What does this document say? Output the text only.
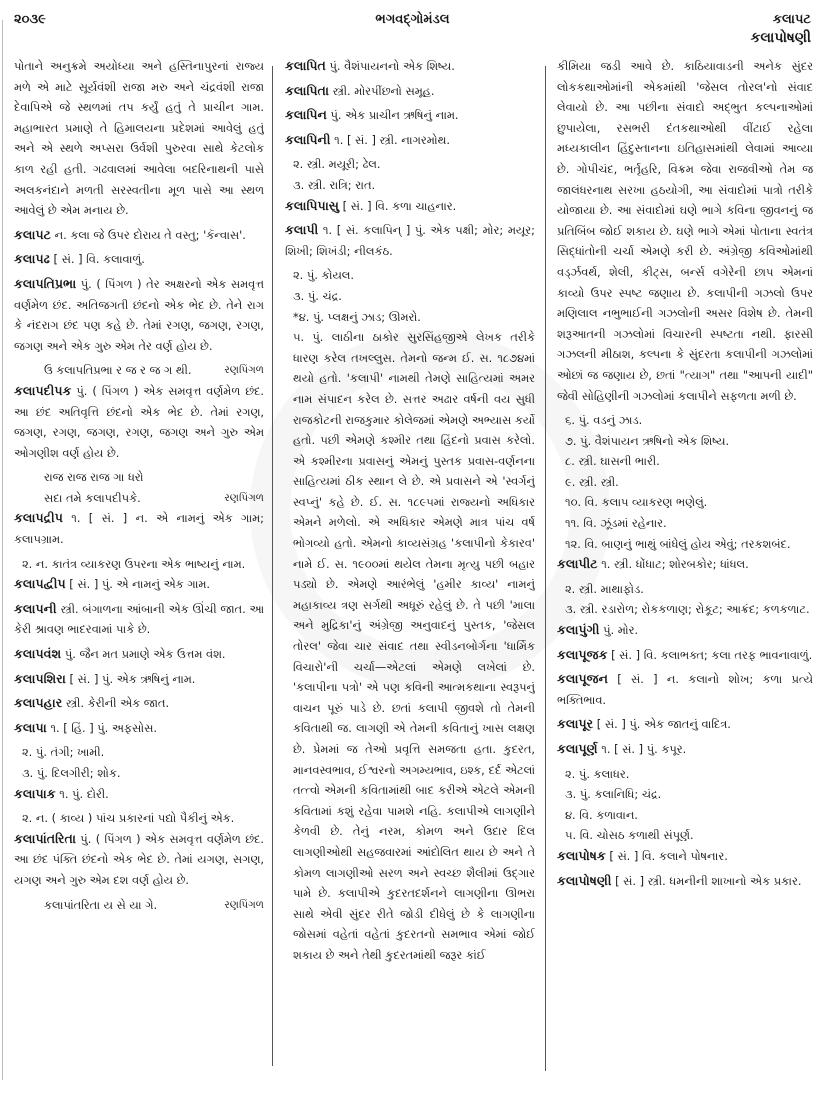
૨૦૩૯	ભગવદ્ગોમંડલ	કલાપટ
કલાપોષણી
પોતાને અનુક્રમે અયોધ્યા અને હસ્તિનાપુરનાં રાજ્ય મળે એ માટે સૂર્યવંશી રાજા મરુ અને ચંદ્રવંશી રાજા દેવાપિએ જે સ્થળમાં તપ કર્યું હતું તે પ્રાચીન ગામ. મહાભારત પ્રમાણે તે હિમાલયના પ્રદેશમાં આવેલું હતું અને એ સ્થળે અપ્સરા ઉર્વશી પુરુરવા સાથે કેટલોક કાળ રહી હતી. ગઢવાલમાં આવેલા બદરિનાથની પાસે અલકનંદાને મળતી સરસ્વતીના મૂળ પાસે આ સ્થળ આવેલું છે એમ મનાય છે.
કલાપટ ન. કલા જે ઉપર દોરાય તે વસ્તુ; 'કૅન્વાસ'.
કલાપઢ [ સં. ] વિ. કલાવાળું.
કલાપતિપ્રભા પું. ( પિંગળ ) તેર અક્ષરનો એક સમવૃત્ત વર્ણમેળ છંદ. અતિજગતી છંદનો એક ભેદ છે. તેને રાગ કે નંદરાગ છંદ પણ કહે છે. તેમાં રગણ, જગણ, રગણ, જગણ અને એક ગુરુ એમ તેર વર્ણ હોય છે.
ઉ કલાપતિપ્રભા ર જ ર જ ગ થી.	રણપિંગળ
કલાપદીપક પું. ( પિંગળ ) એક સમવૃત્ત વર્ણમેળ છંદ. આ છંદ અતિવૃત્તિ છંદનો એક ભેદ છે. તેમાં રગણ, જગણ, રગણ, જગણ, રગણ, જગણ અને ગુરુ એમ ઓગણીશ વર્ણ હોય છે.
રાજ રાજ રાજ ગા ધરો
સદા તમે કલાપદીપકે.	રણપિંગળ
કલાપદ્રીપ ૧. [ સં. ] ન. એ નામનું એક ગામ; કલાપગ્રામ.
૨. ન. કાતંત્ર વ્યાકરણ ઉપરના એક ભાષ્યનું નામ.
કલાપદ્વીપ [ સં. ] પું. એ નામનું એક ગામ.
કલાપની સ્ત્રી. બંગાળના આંબાની એક ઊંચી જાત. આ કેરી શ્રાવણ ભાદરવામાં પાકે છે.
કલાપવંશ પું. જૈન મત પ્રમાણે એક ઉત્તમ વંશ.
કલાપશિરા [ સં. ] પું. એક ઋષિનું નામ.
કલાપહાર સ્ત્રી. કેરીની એક જાત.
કલાપા ૧. [ હિં. ] પું. અફસોસ.
૨. પું. તંગી; ખામી.
૩. પું. દિલગીરી; શોક.
કલાપાક ૧. પું. દોરી.
૨. ન. ( કાવ્ય ) પાંચ પ્રકારનાં પદ્યો પૈકીનું એક.
કલાપાંતરિતા પું. ( પિંગળ ) એક સમવૃત્ત વર્ણમેળ છંદ. આ છંદ પંક્તિ છંદનો એક ભેદ છે. તેમાં યગણ, સગણ, યગણ અને ગુરુ એમ દશ વર્ણ હોય છે.
કલાપાંતરિતા ય સે યા ગે.	રણપિંગળ
કલાપિત પું. વૈશંપાયનનો એક શિષ્ય.
કલાપિતા સ્ત્રી. મોરપીંછનો સમૂહ.
કલાપિન પું. એક પ્રાચીન ઋષિનું નામ.
કલાપિની ૧. [ સં. ] સ્ત્રી. નાગરમોથ.
૨. સ્ત્રી. મયૂરી; ઢેલ.
૩. સ્ત્રી. રાત્રિ; રાત.
કલાપિપાસુ [ સં. ] વિ. કળા ચાહનાર.
કલાપી ૧. [ સં. કલાપિન્ ] પું. એક પક્ષી; મોર; મયૂર; શિખી; શિખંડી; નીલકંઠ.
૨. પું. કોયલ.
૩. પું. ચંદ્ર.
*૪. પું. પ્લક્ષનું ઝાડ; ઊમરો.
૫. પું. લાઠીના ઠાકોર સુરસિંહજીએ લેખક તરીકે ધારણ કરેલ તખલ્લુસ. તેમનો જન્મ ઈ. સ. ૧૮૭૪માં થયો હતો. 'કલાપી' નામથી તેમણે સાહિત્યમાં અમર નામ સંપાદન કરેલ છે. સત્તર અઢાર વર્ષની વય સુધી રાજકોટની રાજકુમાર કોલેજમાં એમણે અભ્યાસ કર્યો હતો. પછી એમણે કશ્મીર તથા હિંદનો પ્રવાસ કરેલો. એ કશ્મીરના પ્રવાસનું એમનું પુસ્તક પ્રવાસ-વર્ણનના સાહિત્યમાં ઠીક સ્થાન લે છે. એ પ્રવાસને એ 'સ્વર્ગનું સ્વપ્નું' કહે છે. ઈ. સ. ૧૮૯૫માં રાજ્યનો અધિકાર એમને મળેલો. એ અધિકાર એમણે માત્ર પાંચ વર્ષ ભોગવ્યો હતો. એમનો કાવ્યસંગ્રહ 'કલાપીનો કેકારવ' નામે ઈ. સ. ૧૯૦૦માં થયેલ તેમના મૃત્યુ પછી બહાર પડ્યો છે. એમણે આરંભેલું 'હમીર કાવ્ય' નામનું મહાકાવ્ય ત્રણ સર્ગથી અધૂરું રહેલું છે. તે પછી 'માલા અને મુદ્રિકા'નું અંગ્રેજી અનુવાદનું પુસ્તક, 'જેસલ તોરલ' જેવા ચાર સંવાદ તથા સ્વીડનબોર્ગના 'ધાર્મિક વિચારો'ની ચર્ચા—એટલાં એમણે લખેલાં છે. 'કલાપીના પત્રો' એ પણ કવિની આત્મકથાના સ્વરૂપનું વાચન પૂરું પાડે છે. છતાં કલાપી જીવશે તો તેમની કવિતાથી જ. લાગણી એ તેમની કવિતાનું ખાસ લક્ષણ છે. પ્રેમમાં જ તેઓ પ્રવૃત્તિ સમજતા હતા. કુદરત, માનવસ્વભાવ, ઈશ્વરનો અગમ્યભાવ, ઇશ્ક, દર્દ એટલાં તત્ત્વો એમની કવિતામાંથી બાદ કરીએ એટલે એમની કવિતામાં કશું રહેવા પામશે નહિ. કલાપીએ લાગણીને કેળવી છે. તેનું નરમ, કોમળ અને ઉદાર દિલ લાગણીઓથી સહજવારમાં આંદોલિત થાય છે અને તે કોમળ લાગણીઓ સરળ અને સ્વચ્છ શૈલીમાં ઉદ્ગાર પામે છે. કલાપીએ કુદરતદર્શનને લાગણીના ઊભરા સાથે એવી સુંદર રીતે જોડી દીધેલું છે કે લાગણીના જોસમાં વહેતાં વહેતાં કુદરતનો સમભાવ એમાં જોઈ શકાય છે અને તેથી કુદરતમાંથી જરૂર કાંઈ
કીમિયા જડી આવે છે. કાઠિયાવાડની અનેક સુંદર લોકકથાઓમાંની એકમાંથી 'જેસલ તોરલ'નો સંવાદ લેવાયો છે. આ પછીના સંવાદો અદ્ભુત કલ્પનાઓમાં છુપાયેલા, રસભરી દંતકથાઓથી વીંટાઈ રહેલા મધ્યકાલીન હિંદુસ્તાનના ઇતિહાસમાંથી લેવામાં આવ્યા છે. ગોપીચંદ, ભર્તૃહરિ, વિક્રમ જેવા રાજવીઓ તેમ જ જાલંધરનાથ સરખા હઠયોગી, આ સંવાદોમાં પાત્રો તરીકે યોજાયા છે. આ સંવાદોમાં ઘણે ભાગે કવિના જીવનનું જ પ્રતિબિંબ જોઈ શકાય છે. ઘણે ભાગે એમાં પોતાના સ્વતંત્ર સિદ્ધાંતોની ચર્ચા એમણે કરી છે. અંગ્રેજી કવિઓમાંથી વર્ડ્ઝવર્થ, શેલી, કીટ્સ, બર્ન્સ વગેરેની છાપ એમનાં કાવ્યો ઉપર સ્પષ્ટ જણાય છે. કલાપીની ગઝલો ઉપર મણિલાલ નભુભાઈની ગઝલોની અસર વિશેષ છે. તેમની શરૂઆતની ગઝલોમાં વિચારની સ્પષ્ટતા નથી. ફારસી ગઝલની મીઠાશ, કલ્પના કે સુંદરતા કલાપીની ગઝલોમાં ઓછાં જ જણાય છે, છતાં "ત્યાગ" તથા "આપની યાદી" જેવી સોહિણીની ગઝલોમાં કલાપીને સફળતા મળી છે.
૬. પું. વડનું ઝાડ.
૭. પું. વૈશંપાયન ઋષિનો એક શિષ્ય.
૮. સ્ત્રી. ઘાસની ભારી.
૯. સ્ત્રી. સ્ત્રી.
૧૦. વિ. કલાપ વ્યાકરણ ભણેલું.
૧૧. વિ. ઝૂંડમાં રહેનાર.
૧૨. વિ. બાણનું ભાથું બાંધેલું હોય એવું; તરકશબંદ.
કલાપીટ ૧. સ્ત્રી. ધોંધાટ; શોરબકોર; ધાંધલ.
૨. સ્ત્રી. માથાફોડ.
૩. સ્ત્રી. રડારોળ; રોકકળાણ; રોકૂટ; આક્રંદ; કળકળાટ.
કલાપુંગી પું. મોર.
કલાપૂજક [ સં. ] વિ. કલાભક્ત; કલા તરફ ભાવનાવાળું.
કલાપૂજન [ સં. ] ન. કલાનો શોખ; કળા પ્રત્યે ભક્તિભાવ.
કલાપૂર [ સં. ] પું. એક જાતનું વાદિત્ર.
કલાપૂર્ણ ૧. [ સં. ] પું. કપૂર.
૨. પું. કલાધર.
૩. પું. કલાનિધિ; ચંદ્ર.
૪. વિ. કળાવાન.
૫. વિ. ચોસઠ કળાથી સંપૂર્ણ.
કલાપોષક [ સં. ] વિ. કલાને પોષનાર.
કલાપોષણી [ સં. ] સ્ત્રી. ધમનીની શાખાનો એક પ્રકાર.
